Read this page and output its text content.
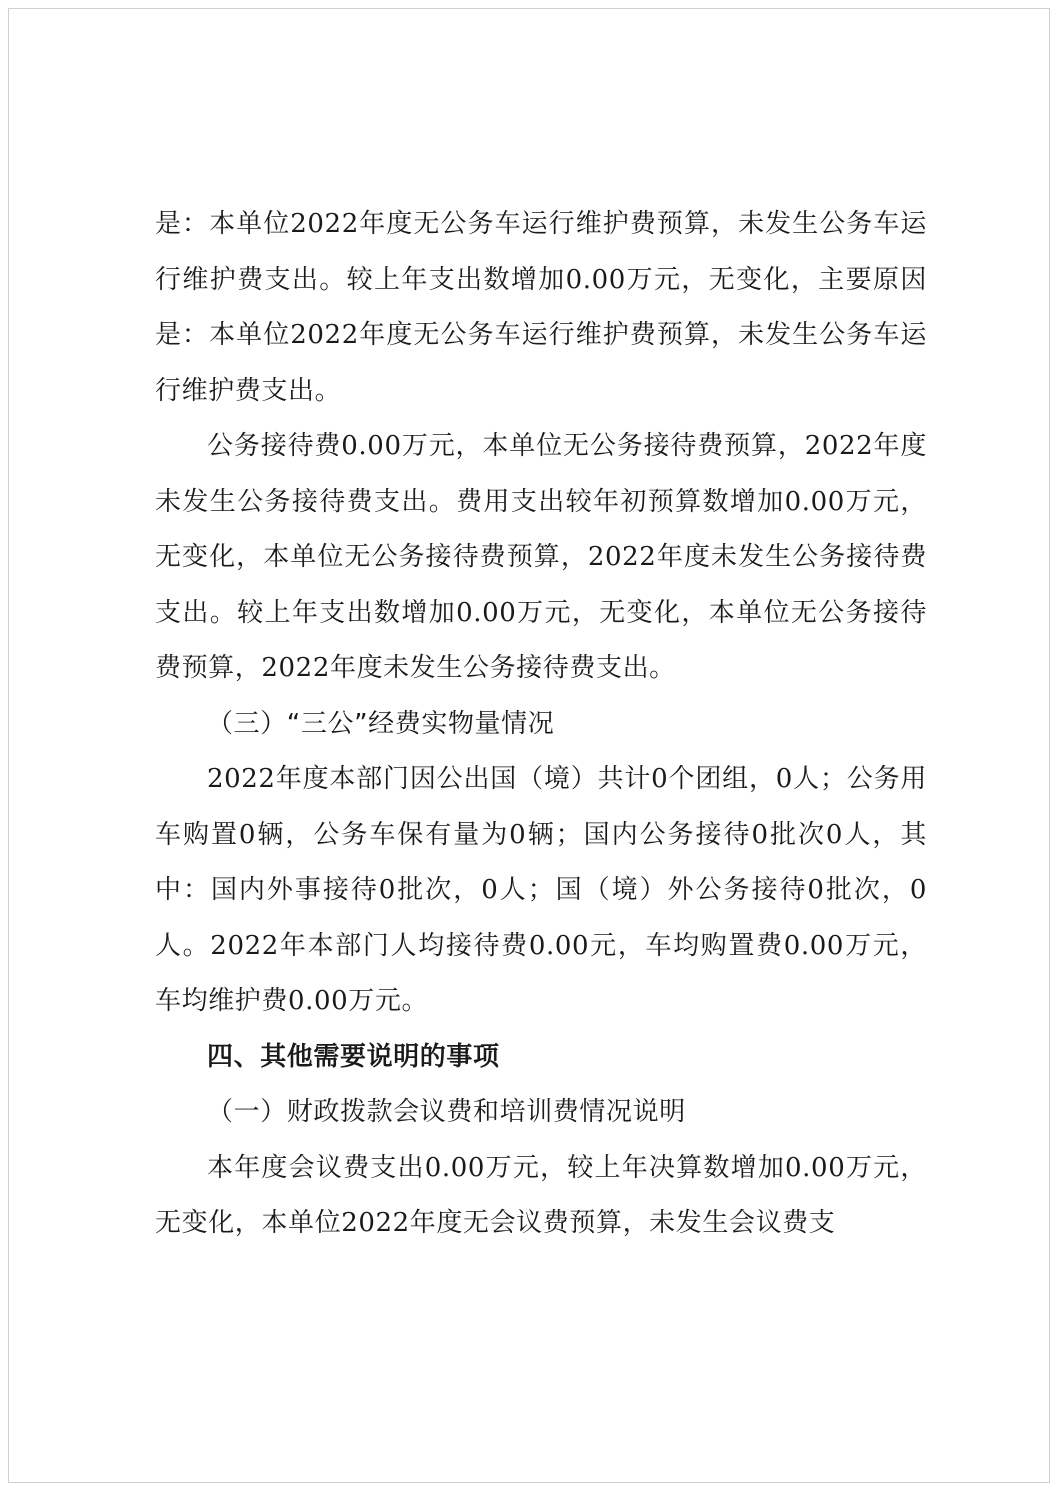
是：本单位2022年度无公务车运行维护费预算，未发生公务车运行维护费支出。较上年支出数增加0.00万元，无变化，主要原因是：本单位2022年度无公务车运行维护费预算，未发生公务车运行维护费支出。

公务接待费0.00万元，本单位无公务接待费预算，2022年度未发生公务接待费支出。费用支出较年初预算数增加0.00万元，无变化，本单位无公务接待费预算，2022年度未发生公务接待费支出。较上年支出数增加0.00万元，无变化，本单位无公务接待费预算，2022年度未发生公务接待费支出。

（三）“三公”经费实物量情况

2022年度本部门因公出国（境）共计0个团组，0人；公务用车购置0辆，公务车保有量为0辆；国内公务接待0批次0人，其中：国内外事接待0批次，0人；国（境）外公务接待0批次，0人。2022年本部门人均接待费0.00元，车均购置费0.00万元，车均维护费0.00万元。

四、其他需要说明的事项

（一）财政拨款会议费和培训费情况说明

本年度会议费支出0.00万元，较上年决算数增加0.00万元，无变化，本单位2022年度无会议费预算，未发生会议费支
